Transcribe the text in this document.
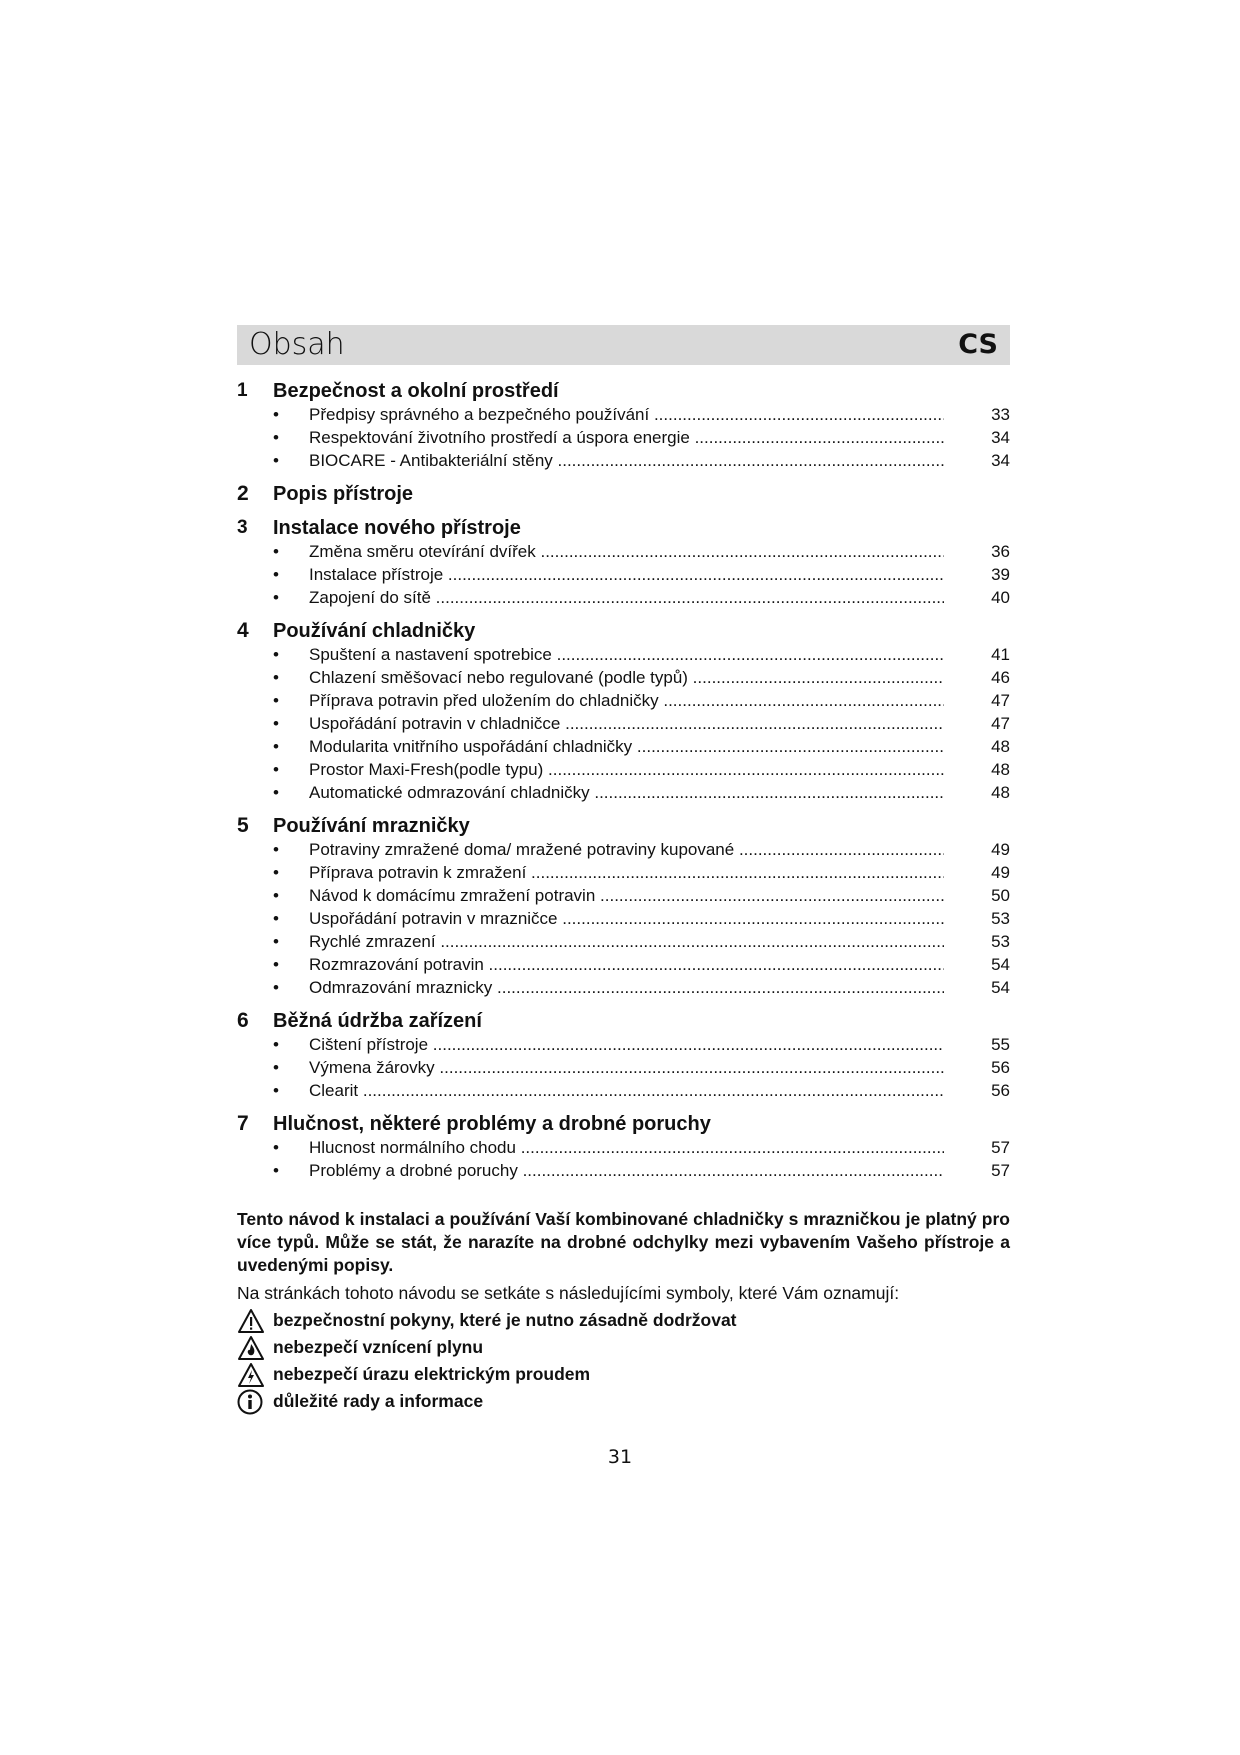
Obsah	CS
1 Bezpečnost a okolní prostředí
• Předpisy správného a bezpečného používání .....	33
• Respektování životního prostředí a úspora energie .....	34
• BIOCARE - Antibakteriální stěny .....	34
2 Popis přístroje
3 Instalace nového přístroje
• Změna směru otevírání dvířek .....	36
• Instalace přístroje .....	39
• Zapojení do sítě .....	40
4 Používání chladničky
• Spuštení a nastavení spotrebice .....	41
• Chlazení směšovací nebo regulované (podle typů) .....	46
• Příprava potravin před uložením do chladničky .....	47
• Uspořádání potravin v chladničce .....	47
• Modularita vnitřního uspořádání chladničky .....	48
• Prostor Maxi-Fresh(podle typu) .....	48
• Automatické odmrazování chladničky .....	48
5 Používání mrazničky
• Potraviny zmražené doma/ mražené potraviny kupované .....	49
• Příprava potravin k zmražení .....	49
• Návod k domácímu zmražení potravin .....	50
• Uspořádání potravin v mrazničce .....	53
• Rychlé zmrazení .....	53
• Rozmrazování potravin .....	54
• Odmrazování mraznicky .....	54
6 Běžná údržba zařízení
• Cištení přístroje .....	55
• Výmena žárovky .....	56
• Clearit .....	56
7 Hlučnost, některé problémy a drobné poruchy
• Hlucnost normálního chodu .....	57
• Problémy a drobné poruchy .....	57

Tento návod k instalaci a používání Vaší kombinované chladničky s mrazničkou je platný pro více typů. Může se stát, že narazíte na drobné odchylky mezi vybavením Vašeho přístroje a uvedenými popisy.

Na stránkách tohoto návodu se setkáte s následujícími symboly, které Vám oznamují:

bezpečnostní pokyny, které je nutno zásadně dodržovat
nebezpečí vznícení plynu
nebezpečí úrazu elektrickým proudem
důležité rady a informace
31
